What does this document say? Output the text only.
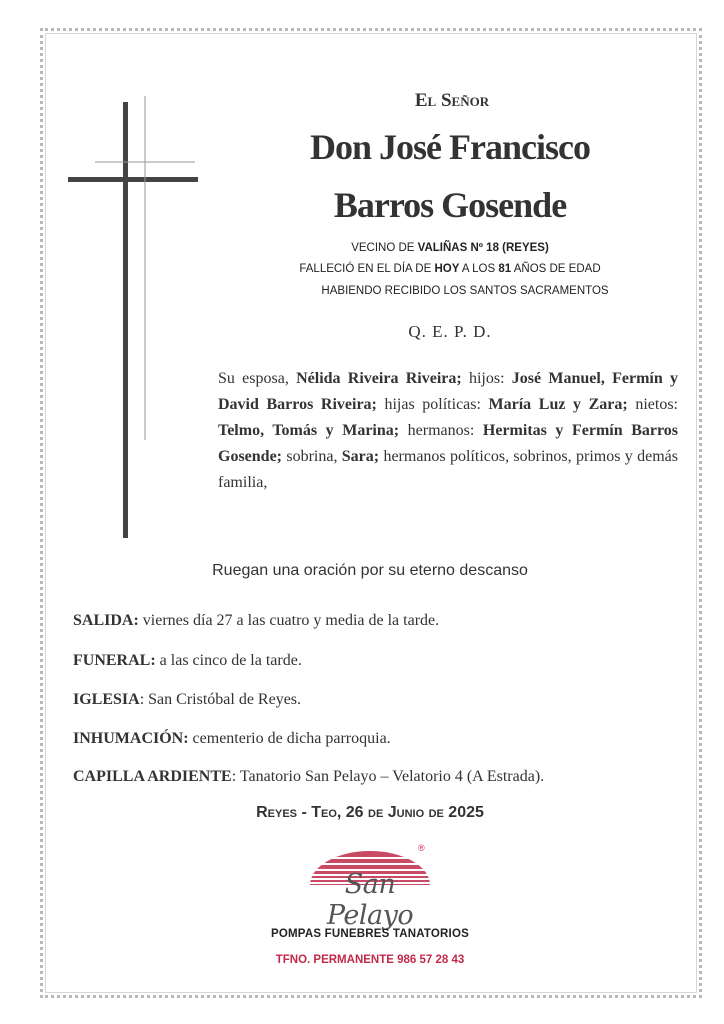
El Señor
Don José Francisco
Barros Gosende
VECINO DE VALIÑAS Nº 18 (REYES)
FALLECIÓ EN EL DÍA DE HOY A LOS 81 AÑOS DE EDAD
HABIENDO RECIBIDO LOS SANTOS SACRAMENTOS
Q. E. P. D.
Su esposa, Nélida Riveira Riveira; hijos: José Manuel, Fermín y David Barros Riveira; hijas políticas: María Luz y Zara; nietos: Telmo, Tomás y Marina; hermanos: Hermitas y Fermín Barros Gosende; sobrina, Sara; hermanos políticos, sobrinos, primos y demás familia,
Ruegan una oración por su eterno descanso
SALIDA: viernes día 27 a las cuatro y media de la tarde.
FUNERAL: a las cinco de la tarde.
IGLESIA: San Cristóbal de Reyes.
INHUMACIÓN: cementerio de dicha parroquia.
CAPILLA ARDIENTE: Tanatorio San Pelayo – Velatorio 4 (A Estrada).
Reyes - Teo, 26 de Junio de 2025
San Pelayo
®
POMPAS FUNEBRES TANATORIOS
TFNO. PERMANENTE 986 57 28 43
